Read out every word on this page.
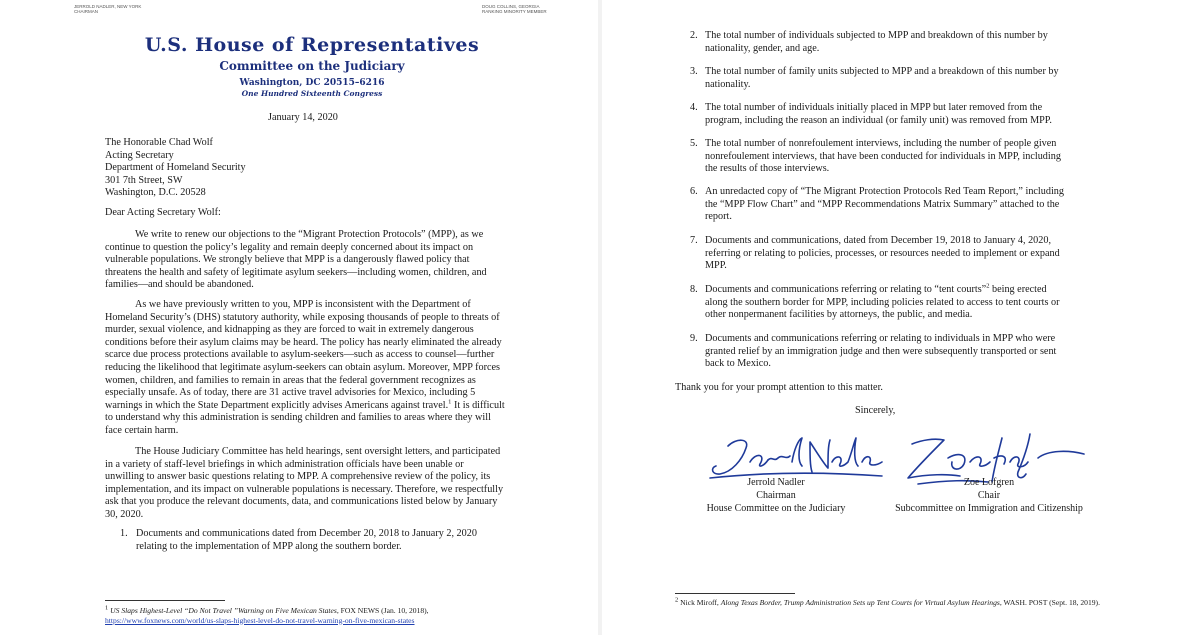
JERROLD NADLER, NEW YORK
CHAIRMAN
DOUG COLLINS, GEORGIA
RANKING MINORITY MEMBER
U.S. House of Representatives
Committee on the Judiciary
Washington, DC 20515–6216
One Hundred Sixteenth Congress
January 14, 2020
The Honorable Chad Wolf
Acting Secretary
Department of Homeland Security
301 7th Street, SW
Washington, D.C. 20528
Dear Acting Secretary Wolf:
We write to renew our objections to the “Migrant Protection Protocols” (MPP), as we continue to question the policy’s legality and remain deeply concerned about its impact on vulnerable populations. We strongly believe that MPP is a dangerously flawed policy that threatens the health and safety of legitimate asylum seekers—including women, children, and families—and should be abandoned.
As we have previously written to you, MPP is inconsistent with the Department of Homeland Security’s (DHS) statutory authority, while exposing thousands of people to threats of murder, sexual violence, and kidnapping as they are forced to wait in extremely dangerous conditions before their asylum claims may be heard. The policy has nearly eliminated the already scarce due process protections available to asylum-seekers—such as access to counsel—further reducing the likelihood that legitimate asylum-seekers can obtain asylum. Moreover, MPP forces women, children, and families to remain in areas that the federal government recognizes as especially unsafe. As of today, there are 31 active travel advisories for Mexico, including 5 warnings in which the State Department explicitly advises Americans against travel.$^1$ It is difficult to understand why this administration is sending children and families to areas where they will face certain harm.
The House Judiciary Committee has held hearings, sent oversight letters, and participated in a variety of staff-level briefings in which administration officials have been unable or unwilling to answer basic questions relating to MPP. A comprehensive review of the policy, its implementation, and its impact on vulnerable populations is necessary. Therefore, we respectfully ask that you produce the relevant documents, data, and communications listed below by January 30, 2020.
1. Documents and communications dated from December 20, 2018 to January 2, 2020 relating to the implementation of MPP along the southern border.
$^1$ US Slaps Highest-Level “Do Not Travel ”Warning on Five Mexican States, FOX NEWS (Jan. 10, 2018),
https://www.foxnews.com/world/us-slaps-highest-level-do-not-travel-warning-on-five-mexican-states
2. The total number of individuals subjected to MPP and breakdown of this number by nationality, gender, and age.
3. The total number of family units subjected to MPP and a breakdown of this number by nationality.
4. The total number of individuals initially placed in MPP but later removed from the program, including the reason an individual (or family unit) was removed from MPP.
5. The total number of nonrefoulement interviews, including the number of people given nonrefoulement interviews, that have been conducted for individuals in MPP, including the results of those interviews.
6. An unredacted copy of “The Migrant Protection Protocols Red Team Report,” including the “MPP Flow Chart” and “MPP Recommendations Matrix Summary” attached to the report.
7. Documents and communications, dated from December 19, 2018 to January 4, 2020, referring or relating to policies, processes, or resources needed to implement or expand MPP.
8. Documents and communications referring or relating to “tent courts”$^2$ being erected along the southern border for MPP, including policies related to access to tent courts or other nonpermanent facilities by attorneys, the public, and media.
9. Documents and communications referring or relating to individuals in MPP who were granted relief by an immigration judge and then were subsequently transported or sent back to Mexico.
Thank you for your prompt attention to this matter.
Sincerely,
Jerrold Nadler
Chairman
House Committee on the Judiciary
Zoe Lofgren
Chair
Subcommittee on Immigration and Citizenship
$^2$ Nick Miroff, Along Texas Border, Trump Administration Sets up Tent Courts for Virtual Asylum Hearings, WASH. POST (Sept. 18, 2019).
